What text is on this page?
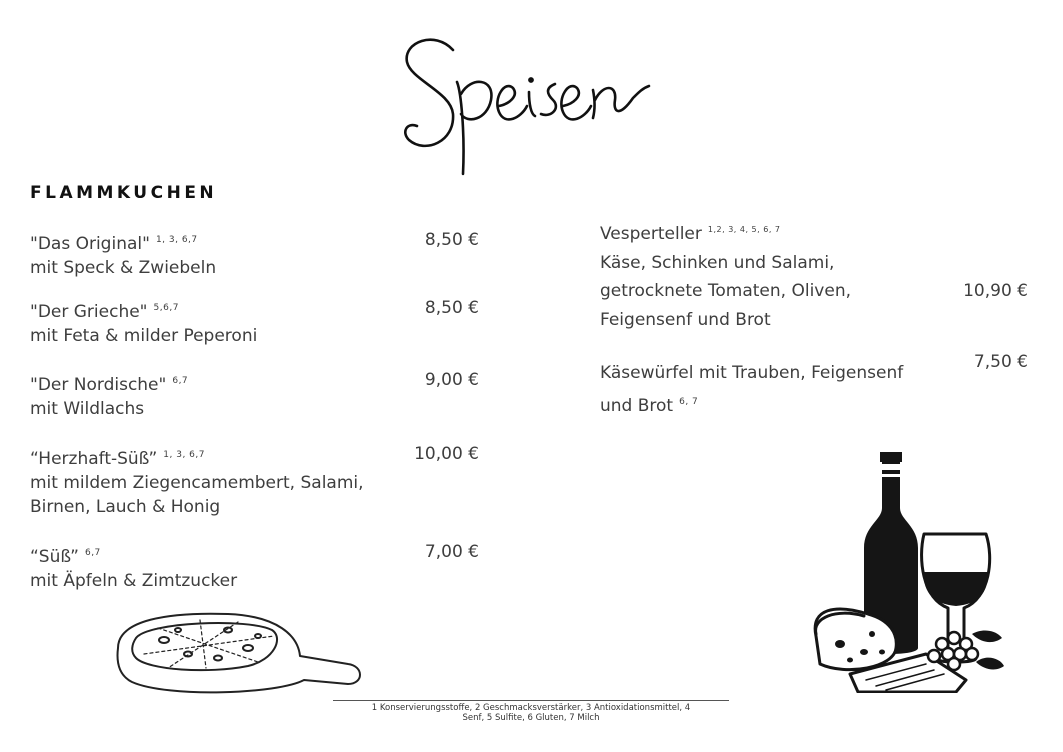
FLAMMKUCHEN
"Das Original" $^{1, 3, 6,7}$
mit Speck & Zwiebeln
8,50 €
"Der Grieche" $^{5,6,7}$
mit Feta & milder Peperoni
8,50 €
"Der Nordische" $^{6,7}$
mit Wildlachs
9,00 €
“Herzhaft-Süß” $^{1, 3, 6,7}$
mit mildem Ziegencamembert, Salami,
Birnen, Lauch & Honig
10,00 €
“Süß” $^{6,7}$
mit Äpfeln & Zimtzucker
7,00 €
Vesperteller $^{1,2, 3, 4, 5, 6, 7}$
Käse, Schinken und Salami,
getrocknete Tomaten, Oliven,
Feigensenf und Brot
10,90 €
Käsewürfel mit Trauben, Feigensenf
und Brot $^{6, 7}$
7,50 €
1 Konservierungsstoffe, 2 Geschmacksverstärker, 3 Antioxidationsmittel, 4
Senf, 5 Sulfite, 6 Gluten, 7 Milch
